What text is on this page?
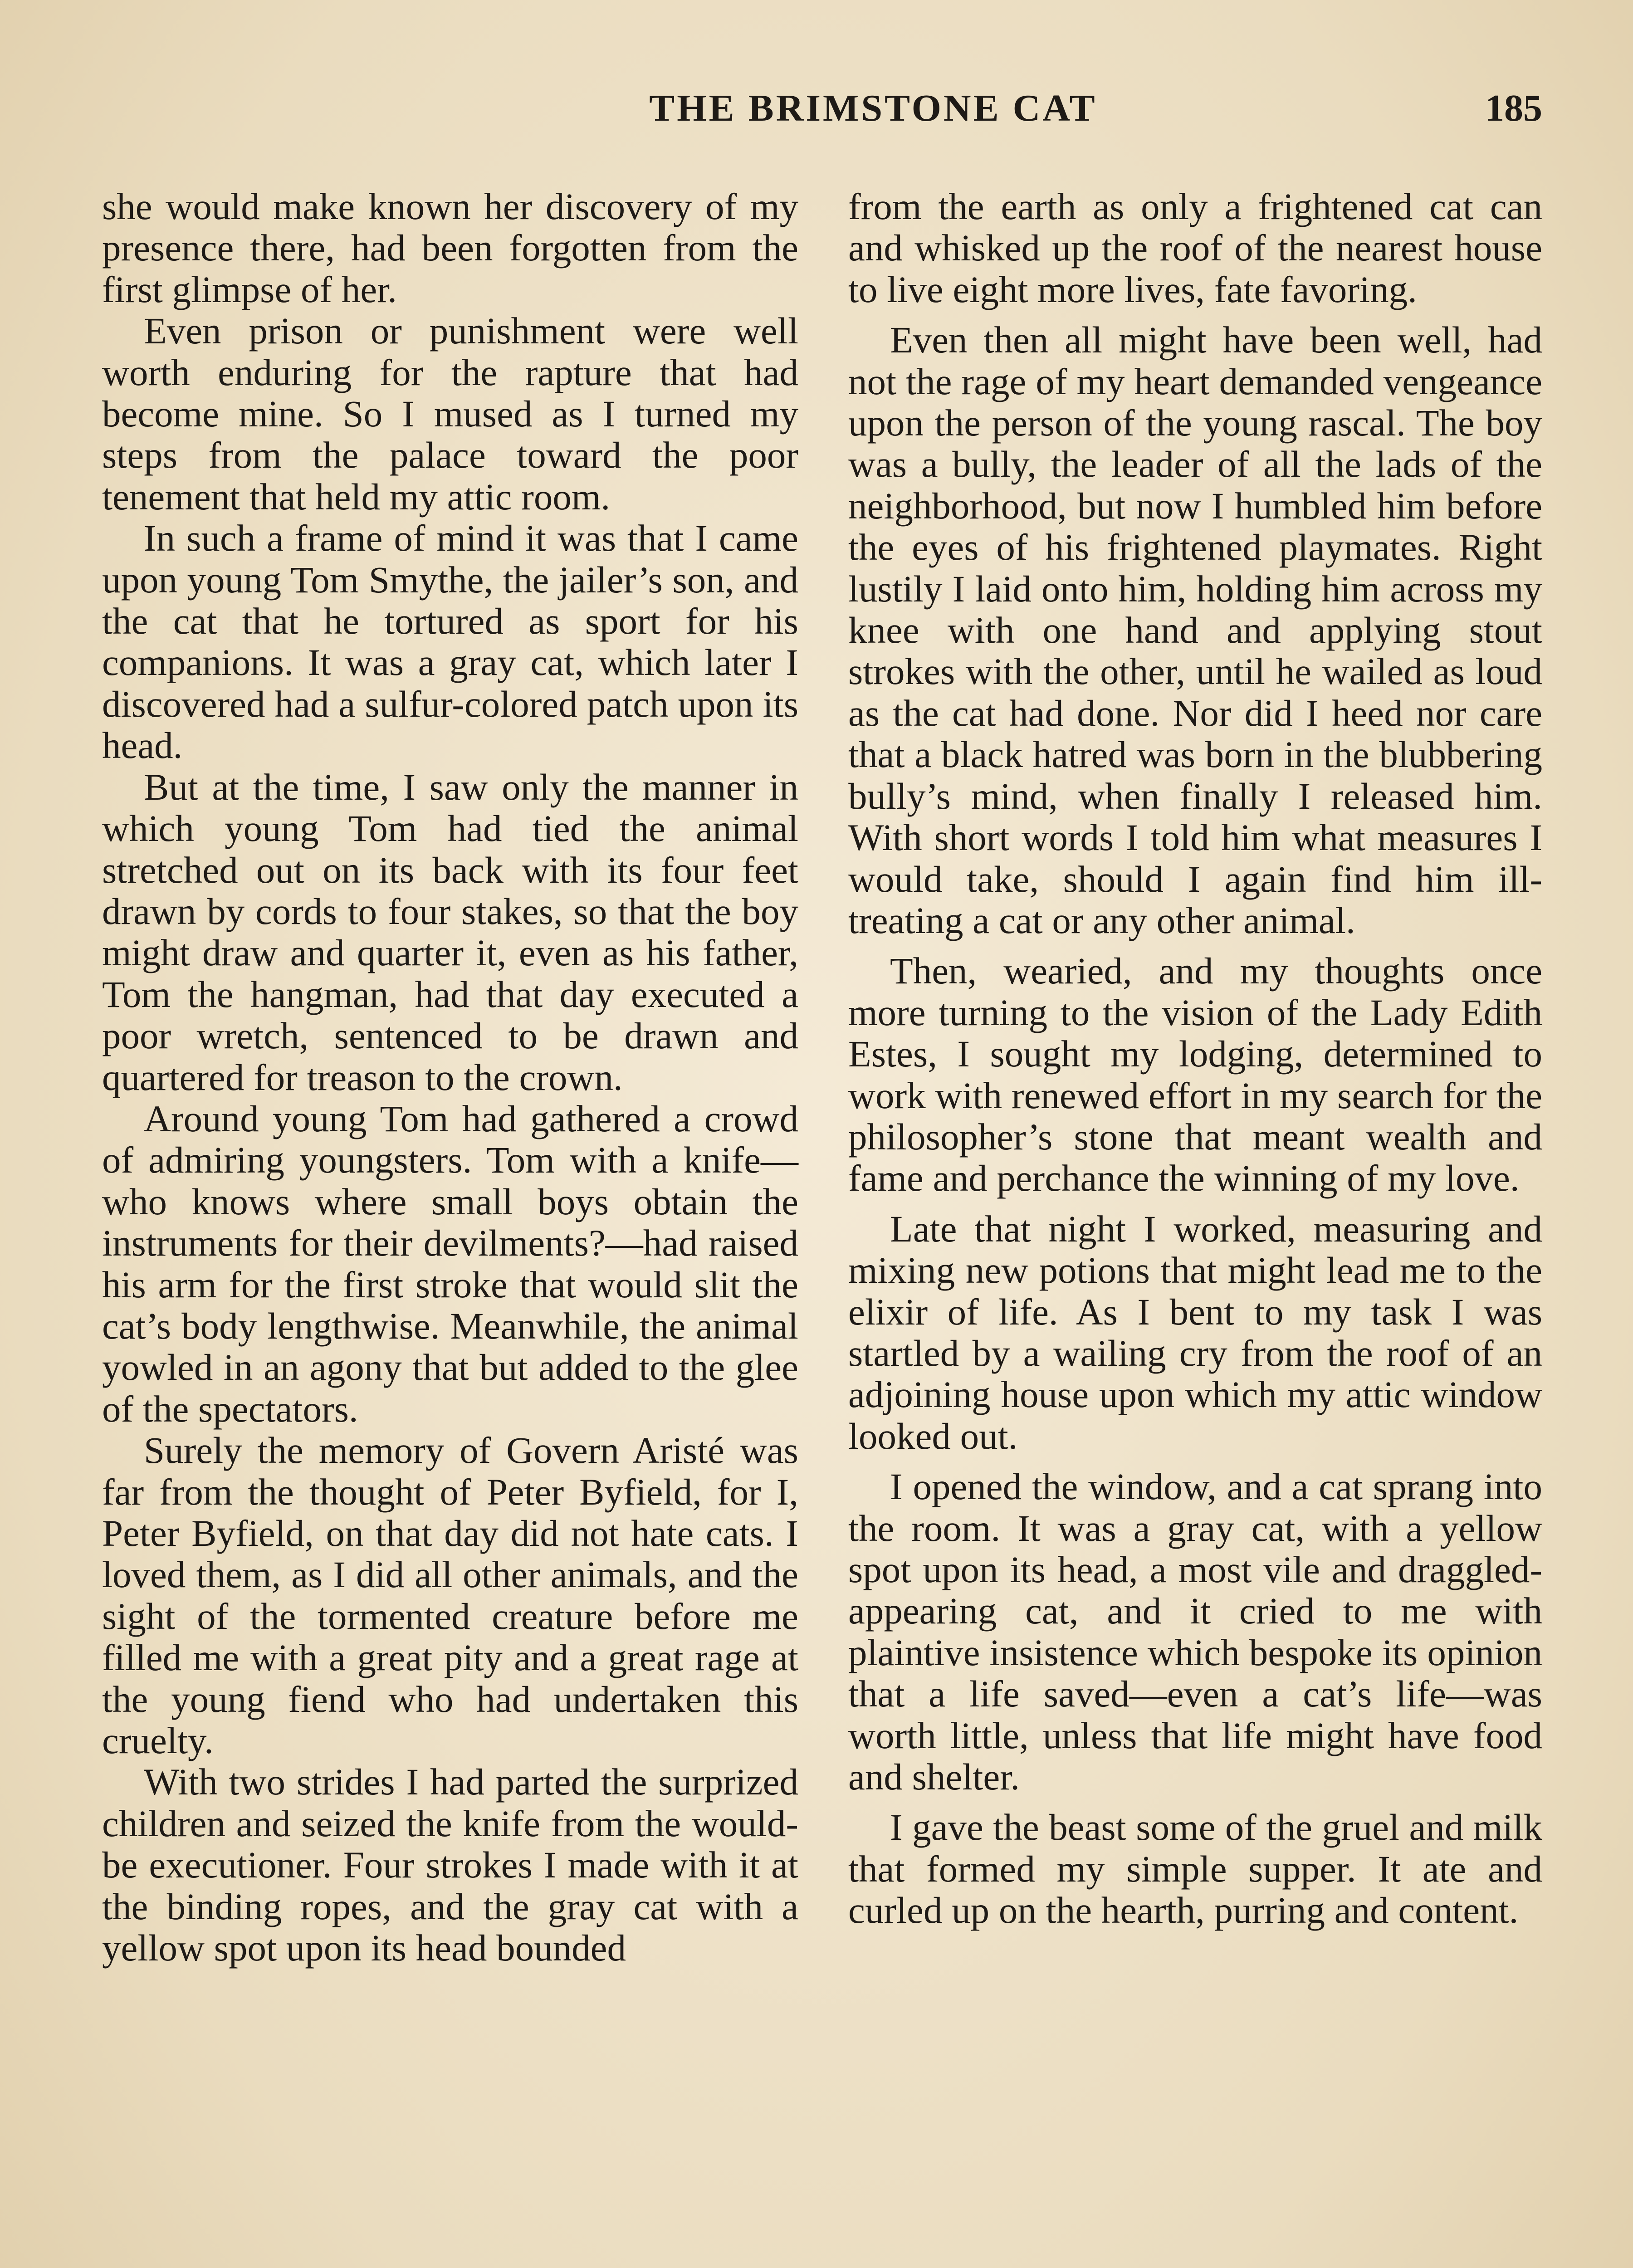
THE BRIMSTONE CAT	185

she would make known her discovery of my presence there, had been forgotten from the first glimpse of her.

Even prison or punishment were well worth enduring for the rapture that had become mine. So I mused as I turned my steps from the palace toward the poor tenement that held my attic room.

In such a frame of mind it was that I came upon young Tom Smythe, the jailer’s son, and the cat that he tortured as sport for his companions. It was a gray cat, which later I discovered had a sulfur-colored patch upon its head.

But at the time, I saw only the manner in which young Tom had tied the animal stretched out on its back with its four feet drawn by cords to four stakes, so that the boy might draw and quarter it, even as his father, Tom the hangman, had that day executed a poor wretch, sentenced to be drawn and quartered for treason to the crown.

Around young Tom had gathered a crowd of admiring youngsters. Tom with a knife—who knows where small boys obtain the instruments for their devilments?—had raised his arm for the first stroke that would slit the cat’s body lengthwise. Meanwhile, the animal yowled in an agony that but added to the glee of the spectators.

Surely the memory of Govern Aristé was far from the thought of Peter Byfield, for I, Peter Byfield, on that day did not hate cats. I loved them, as I did all other animals, and the sight of the tormented creature before me filled me with a great pity and a great rage at the young fiend who had undertaken this cruelty.

With two strides I had parted the surprized children and seized the knife from the would-be executioner. Four strokes I made with it at the binding ropes, and the gray cat with a yellow spot upon its head bounded

from the earth as only a frightened cat can and whisked up the roof of the nearest house to live eight more lives, fate favoring.

Even then all might have been well, had not the rage of my heart demanded vengeance upon the person of the young rascal. The boy was a bully, the leader of all the lads of the neighborhood, but now I humbled him before the eyes of his frightened playmates. Right lustily I laid onto him, holding him across my knee with one hand and applying stout strokes with the other, until he wailed as loud as the cat had done. Nor did I heed nor care that a black hatred was born in the blubbering bully’s mind, when finally I released him. With short words I told him what measures I would take, should I again find him ill-treating a cat or any other animal.

Then, wearied, and my thoughts once more turning to the vision of the Lady Edith Estes, I sought my lodging, determined to work with renewed effort in my search for the philosopher’s stone that meant wealth and fame and perchance the winning of my love.

Late that night I worked, measuring and mixing new potions that might lead me to the elixir of life. As I bent to my task I was startled by a wailing cry from the roof of an adjoining house upon which my attic window looked out.

I opened the window, and a cat sprang into the room. It was a gray cat, with a yellow spot upon its head, a most vile and draggled-appearing cat, and it cried to me with plaintive insistence which bespoke its opinion that a life saved—even a cat’s life—was worth little, unless that life might have food and shelter.

I gave the beast some of the gruel and milk that formed my simple supper. It ate and curled up on the hearth, purring and content.
